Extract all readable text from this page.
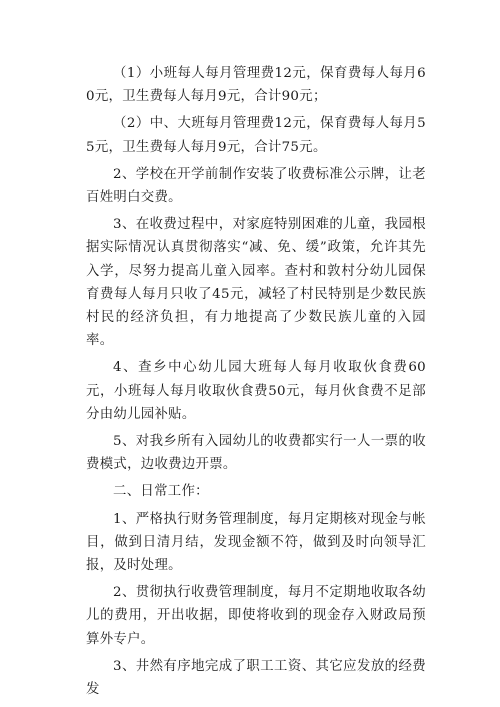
（1）小班每人每月管理费12元，保育费每人每月60元，卫生费每人每月9元，合计90元；

（2）中、大班每月管理费12元，保育费每人每月55元，卫生费每人每月9元，合计75元。

2、学校在开学前制作安装了收费标准公示牌，让老百姓明白交费。

3、在收费过程中，对家庭特别困难的儿童，我园根据实际情况认真贯彻落实“减、免、缓”政策，允许其先入学，尽努力提高儿童入园率。查村和敦村分幼儿园保育费每人每月只收了45元，减轻了村民特别是少数民族村民的经济负担，有力地提高了少数民族儿童的入园率。

4、查乡中心幼儿园大班每人每月收取伙食费60元，小班每人每月收取伙食费50元，每月伙食费不足部分由幼儿园补贴。

5、对我乡所有入园幼儿的收费都实行一人一票的收费模式，边收费边开票。

二、日常工作：

1、严格执行财务管理制度，每月定期核对现金与帐目，做到日清月结，发现金额不符，做到及时向领导汇报，及时处理。

2、贯彻执行收费管理制度，每月不定期地收取各幼儿的费用，开出收据，即使将收到的现金存入财政局预算外专户。

3、井然有序地完成了职工工资、其它应发放的经费发
